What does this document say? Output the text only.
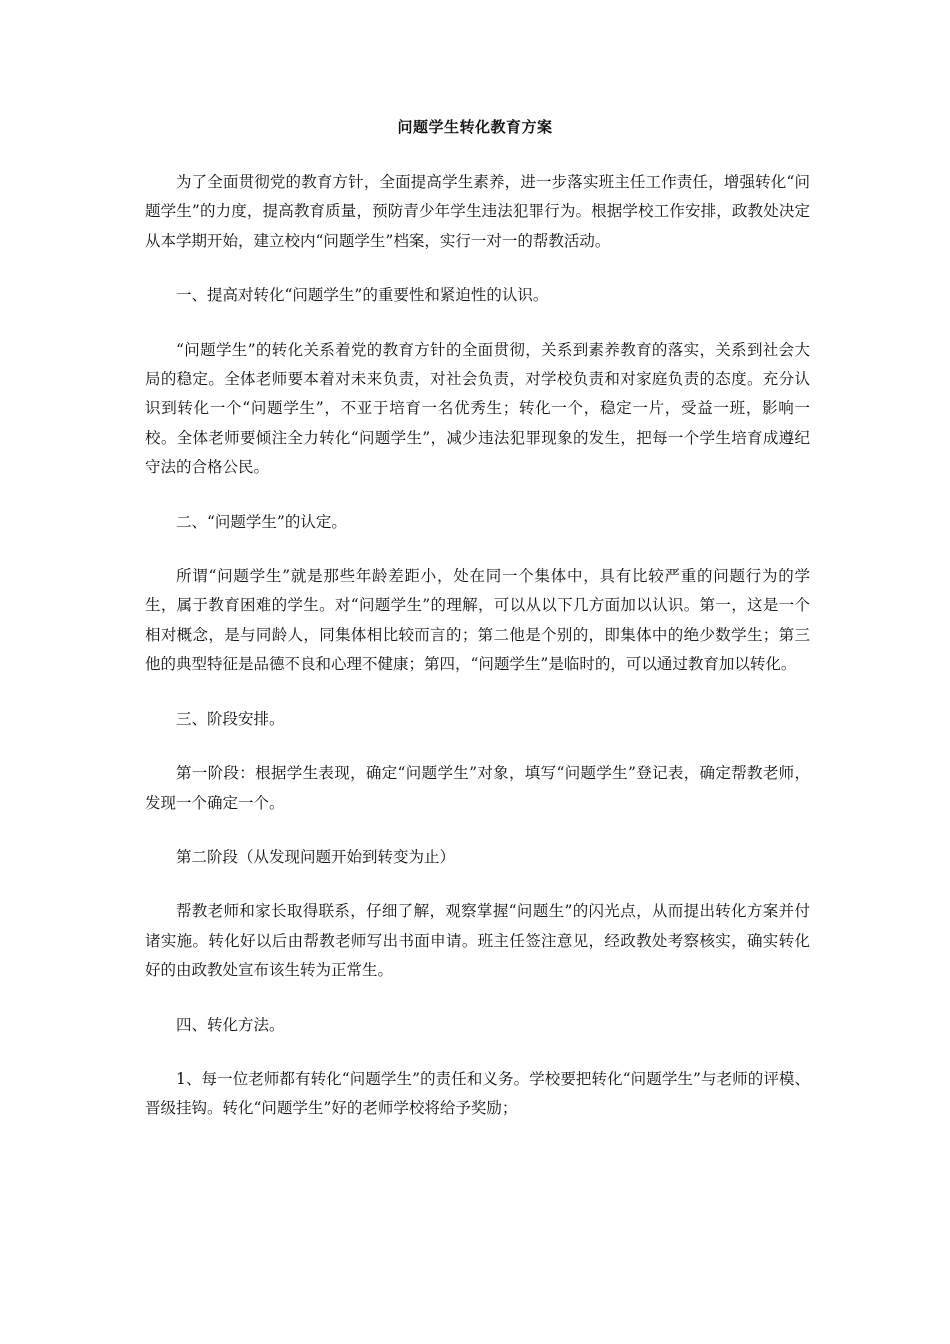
问题学生转化教育方案

为了全面贯彻党的教育方针，全面提高学生素养，进一步落实班主任工作责任，增强转化“问题学生”的力度，提高教育质量，预防青少年学生违法犯罪行为。根据学校工作安排，政教处决定从本学期开始，建立校内“问题学生”档案，实行一对一的帮教活动。

一、提高对转化“问题学生”的重要性和紧迫性的认识。

“问题学生”的转化关系着党的教育方针的全面贯彻，关系到素养教育的落实，关系到社会大局的稳定。全体老师要本着对未来负责，对社会负责，对学校负责和对家庭负责的态度。充分认识到转化一个“问题学生”，不亚于培育一名优秀生；转化一个，稳定一片，受益一班，影响一校。全体老师要倾注全力转化“问题学生”，减少违法犯罪现象的发生，把每一个学生培育成遵纪守法的合格公民。

二、“问题学生”的认定。

所谓“问题学生”就是那些年龄差距小，处在同一个集体中，具有比较严重的问题行为的学生，属于教育困难的学生。对“问题学生”的理解，可以从以下几方面加以认识。第一，这是一个相对概念，是与同龄人，同集体相比较而言的；第二他是个别的，即集体中的绝少数学生；第三他的典型特征是品德不良和心理不健康；第四，“问题学生”是临时的，可以通过教育加以转化。

三、阶段安排。

第一阶段：根据学生表现，确定“问题学生”对象，填写“问题学生”登记表，确定帮教老师，发现一个确定一个。

第二阶段（从发现问题开始到转变为止）

帮教老师和家长取得联系，仔细了解，观察掌握“问题生”的闪光点，从而提出转化方案并付诸实施。转化好以后由帮教老师写出书面申请。班主任签注意见，经政教处考察核实，确实转化好的由政教处宣布该生转为正常生。

四、转化方法。

1、每一位老师都有转化“问题学生”的责任和义务。学校要把转化“问题学生”与老师的评模、晋级挂钩。转化“问题学生”好的老师学校将给予奖励；
